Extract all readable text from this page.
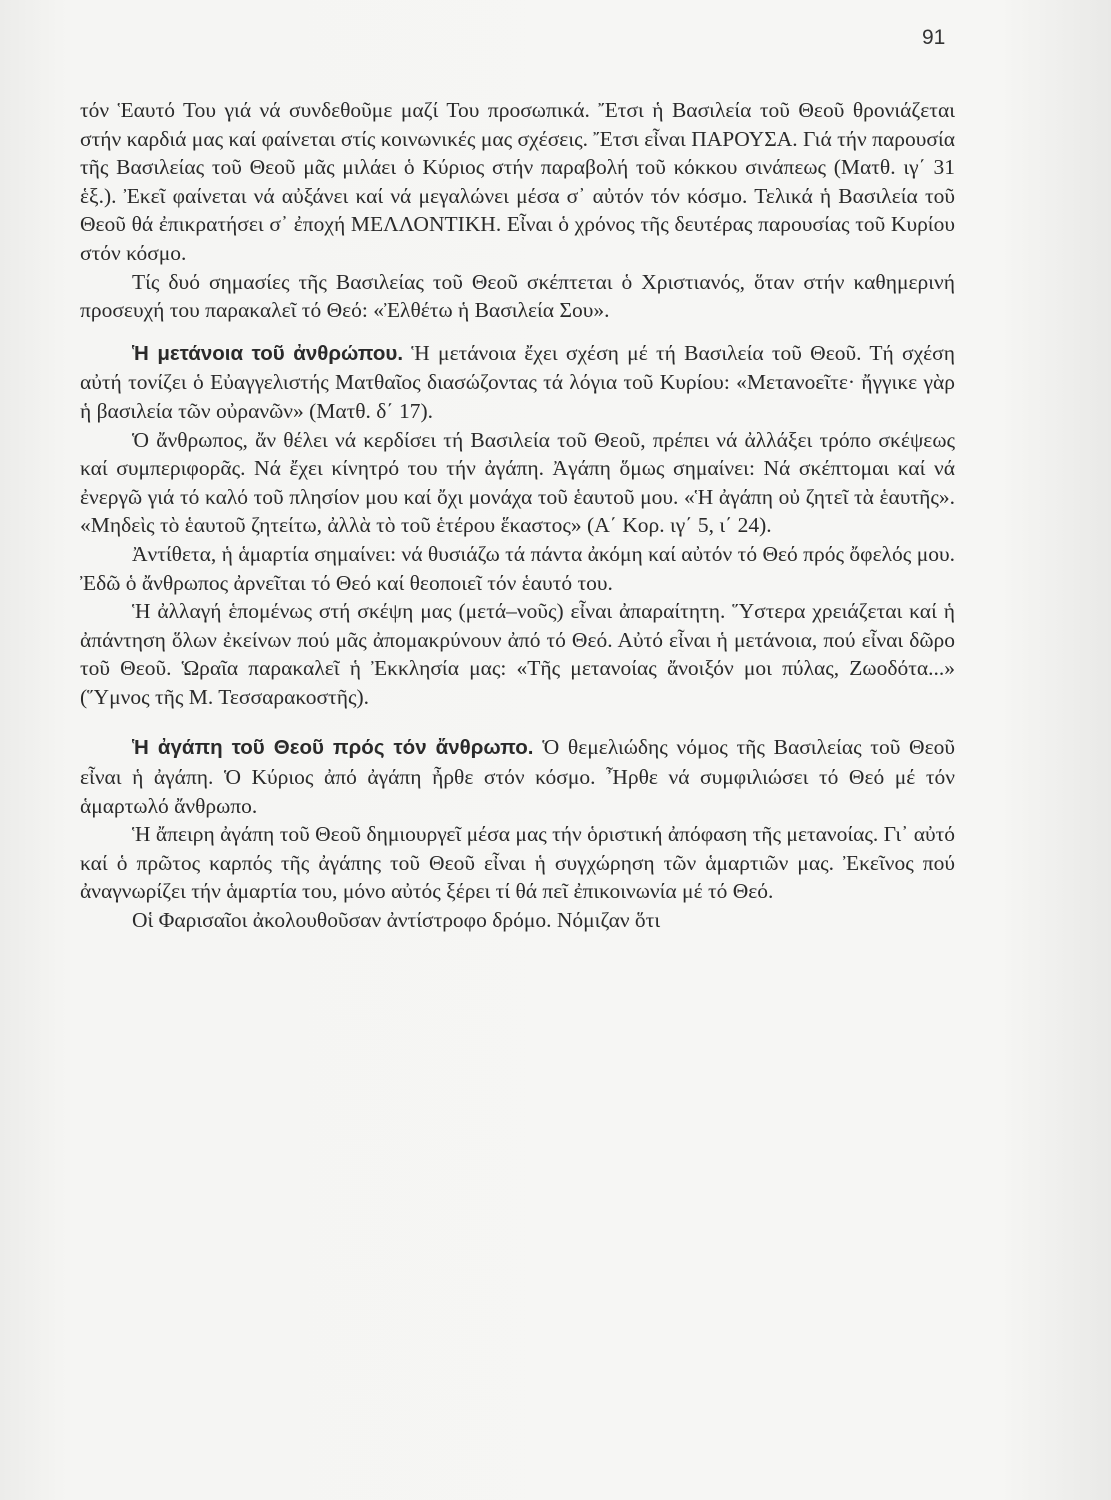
91

τόν Ἑαυτό Του γιά νά συνδεθοῦμε μαζί Του προσωπικά. Ἔτσι ἡ Βασιλεία τοῦ Θεοῦ θρονιάζεται στήν καρδιά μας καί φαίνεται στίς κοινωνικές μας σχέσεις. Ἔτσι εἶναι ΠΑΡΟΥΣΑ. Γιά τήν παρουσία τῆς Βασιλείας τοῦ Θεοῦ μᾶς μιλάει ὁ Κύριος στήν παραβολή τοῦ κόκκου σινάπεως (Ματθ. ιγ΄ 31 ἑξ.). Ἐκεῖ φαίνεται νά αὐξάνει καί νά μεγαλώνει μέσα σ᾽ αὐτόν τόν κόσμο. Τελικά ἡ Βασιλεία τοῦ Θεοῦ θά ἐπικρατήσει σ᾽ ἐποχή ΜΕΛΛΟΝΤΙΚΗ. Εἶναι ὁ χρόνος τῆς δευτέρας παρουσίας τοῦ Κυρίου στόν κόσμο.

Τίς δυό σημασίες τῆς Βασιλείας τοῦ Θεοῦ σκέπτεται ὁ Χριστιανός, ὅταν στήν καθημερινή προσευχή του παρακαλεῖ τό Θεό: «Ἐλθέτω ἡ Βασιλεία Σου».

Ἡ μετάνοια τοῦ ἀνθρώπου. Ἡ μετάνοια ἔχει σχέση μέ τή Βασιλεία τοῦ Θεοῦ. Τή σχέση αὐτή τονίζει ὁ Εὐαγγελιστής Ματθαῖος διασώζοντας τά λόγια τοῦ Κυρίου: «Μετανοεῖτε· ἤγγικε γὰρ ἡ βασιλεία τῶν οὐρανῶν» (Ματθ. δ΄ 17).

Ὁ ἄνθρωπος, ἄν θέλει νά κερδίσει τή Βασιλεία τοῦ Θεοῦ, πρέπει νά ἀλλάξει τρόπο σκέψεως καί συμπεριφορᾶς. Νά ἔχει κίνητρό του τήν ἀγάπη. Ἀγάπη ὅμως σημαίνει: Νά σκέπτομαι καί νά ἐνεργῶ γιά τό καλό τοῦ πλησίον μου καί ὄχι μονάχα τοῦ ἑαυτοῦ μου. «Ἡ ἀγάπη οὐ ζητεῖ τὰ ἑαυτῆς». «Μηδεὶς τὸ ἑαυτοῦ ζητείτω, ἀλλὰ τὸ τοῦ ἑτέρου ἕκαστος» (Α΄ Κορ. ιγ΄ 5, ι΄ 24).

Ἀντίθετα, ἡ ἁμαρτία σημαίνει: νά θυσιάζω τά πάντα ἀκόμη καί αὐτόν τό Θεό πρός ὄφελός μου. Ἐδῶ ὁ ἄνθρωπος ἀρνεῖται τό Θεό καί θεοποιεῖ τόν ἑαυτό του.

Ἡ ἀλλαγή ἑπομένως στή σκέψη μας (μετά–νοῦς) εἶναι ἀπαραίτητη. Ὕστερα χρειάζεται καί ἡ ἀπάντηση ὅλων ἐκείνων πού μᾶς ἀπομακρύνουν ἀπό τό Θεό. Αὐτό εἶναι ἡ μετάνοια, πού εἶναι δῶρο τοῦ Θεοῦ. Ὡραῖα παρακαλεῖ ἡ Ἐκκλησία μας: «Τῆς μετανοίας ἄνοιξόν μοι πύλας, Ζωοδότα...» (Ὕμνος τῆς Μ. Τεσσαρακοστῆς).

Ἡ ἀγάπη τοῦ Θεοῦ πρός τόν ἄνθρωπο. Ὁ θεμελιώδης νόμος τῆς Βασιλείας τοῦ Θεοῦ εἶναι ἡ ἀγάπη. Ὁ Κύριος ἀπό ἀγάπη ἦρθε στόν κόσμο. Ἦρθε νά συμφιλιώσει τό Θεό μέ τόν ἁμαρτωλό ἄνθρωπο.

Ἡ ἄπειρη ἀγάπη τοῦ Θεοῦ δημιουργεῖ μέσα μας τήν ὁριστική ἀπόφαση τῆς μετανοίας. Γι᾽ αὐτό καί ὁ πρῶτος καρπός τῆς ἀγάπης τοῦ Θεοῦ εἶναι ἡ συγχώρηση τῶν ἁμαρτιῶν μας. Ἐκεῖνος πού ἀναγνωρίζει τήν ἁμαρτία του, μόνο αὐτός ξέρει τί θά πεῖ ἐπικοινωνία μέ τό Θεό.

Οἱ Φαρισαῖοι ἀκολουθοῦσαν ἀντίστροφο δρόμο. Νόμιζαν ὅτι
